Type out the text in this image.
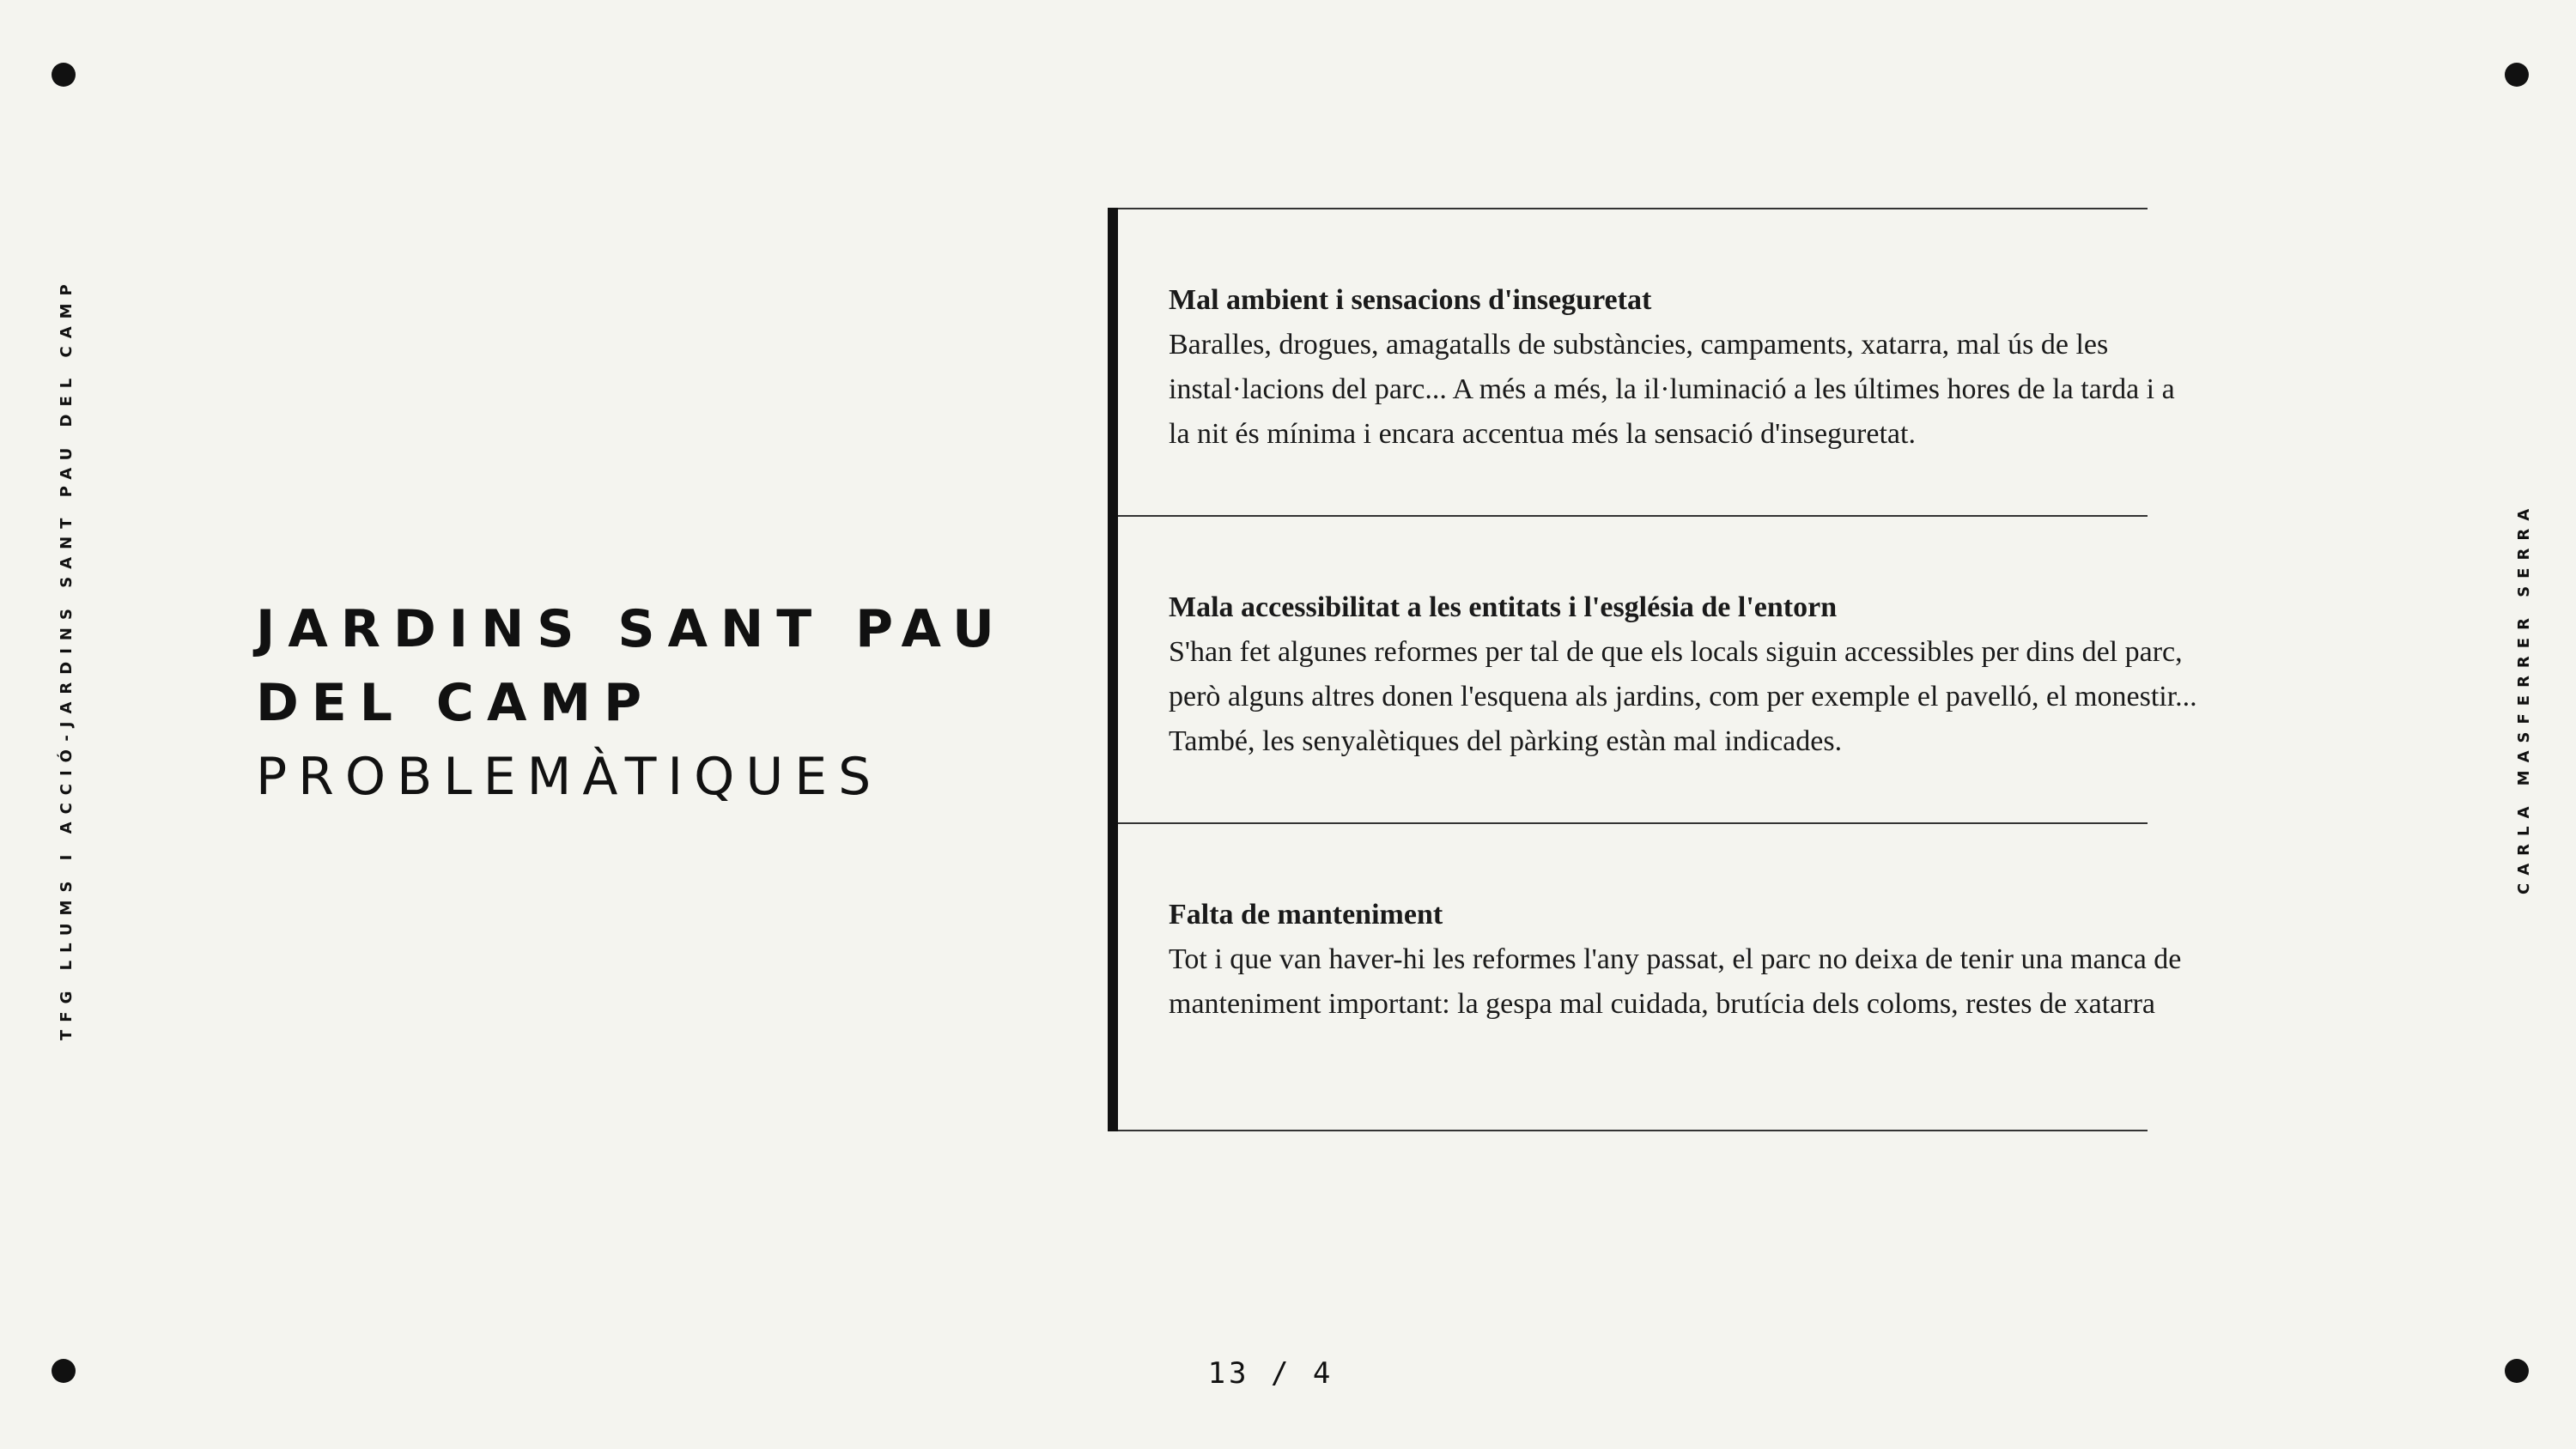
TFG LLUMS I ACCIÓ-JARDINS SANT PAU DEL CAMP	CARLA MASFERRER SERRA

JARDINS SANT PAU

DEL CAMP

PROBLEMÀTIQUES

Mal ambient i sensacions d'inseguretat
Baralles, drogues, amagatalls de substàncies, campaments, xatarra, mal ús de les instal·lacions del parc... A més a més, la il·luminació a les últimes hores de la tarda i a la nit és mínima i encara accentua més la sensació d'inseguretat.
Mala accessibilitat a les entitats i l'església de l'entorn
S'han fet algunes reformes per tal de que els locals siguin accessibles per dins del parc, però alguns altres donen l'esquena als jardins, com per exemple el pavelló, el monestir... També, les senyalètiques del pàrking estàn mal indicades.
Falta de manteniment
Tot i que van haver-hi les reformes l'any passat, el parc no deixa de tenir una manca de manteniment important: la gespa mal cuidada, brutícia dels coloms, restes de xatarra
13 / 4
